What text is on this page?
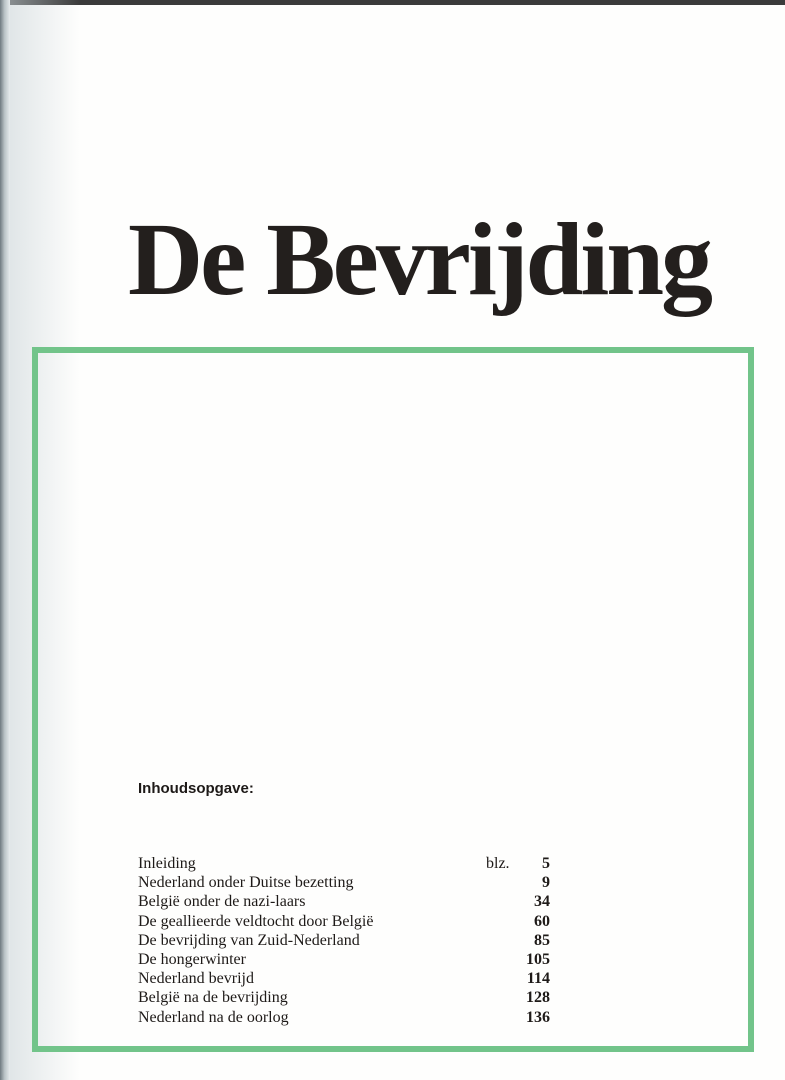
De Bevrijding
Inhoudsopgave:
Inleiding	blz. 5
Nederland onder Duitse bezetting	9
België onder de nazi-laars	34
De geallieerde veldtocht door België	60
De bevrijding van Zuid-Nederland	85
De hongerwinter	105
Nederland bevrijd	114
België na de bevrijding	128
Nederland na de oorlog	136
